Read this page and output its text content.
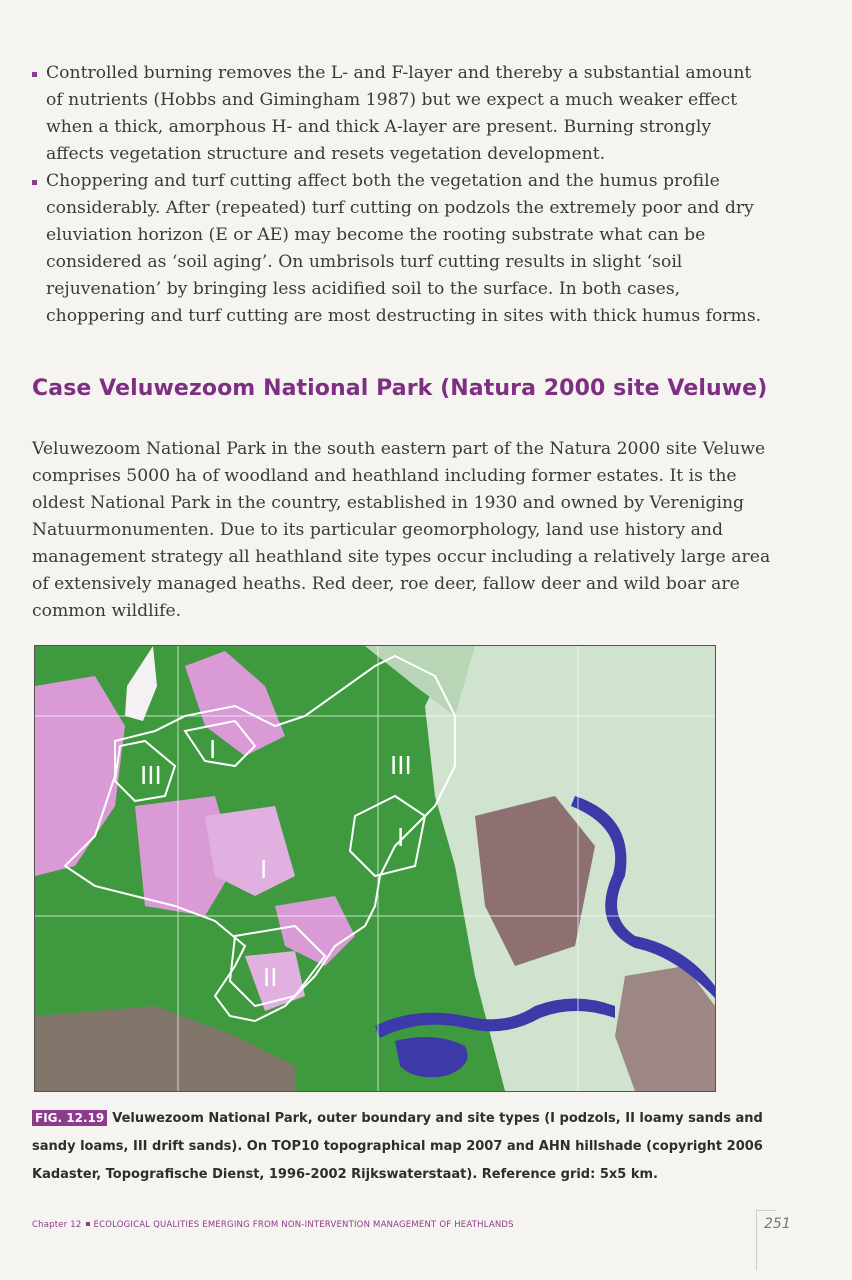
Controlled burning removes the L- and F-layer and thereby a substantial amount of nutrients (Hobbs and Gimingham 1987) but we expect a much weaker effect when a thick, amorphous H- and thick A-layer are present. Burning strongly affects vegetation structure and resets vegetation development.
Choppering and turf cutting affect both the vegetation and the humus profile considerably. After (repeated) turf cutting on podzols the extremely poor and dry eluviation horizon (E or AE) may become the rooting substrate what can be considered as ‘soil aging’. On umbrisols turf cutting results in slight ‘soil rejuvenation’ by bringing less acidified soil to the surface. In both cases, choppering and turf cutting are most destructing in sites with thick humus forms.
Case Veluwezoom National Park (Natura 2000 site Veluwe)

Veluwezoom National Park in the south eastern part of the Natura 2000 site Veluwe comprises 5000 ha of woodland and heathland including former estates. It is the oldest National Park in the country, established in 1930 and owned by Vereniging Natuurmonumenten. Due to its particular geomorphology, land use history and management strategy all heathland site types occur including a relatively large area of extensively managed heaths. Red deer, roe deer, fallow deer and wild boar are common wildlife.

III
I
III
I
I
II

FIG. 12.19 Veluwezoom National Park, outer boundary and site types (I podzols, II loamy sands and sandy loams, III drift sands). On TOP10 topographical map 2007 and AHN hillshade (copyright 2006 Kadaster, Topografische Dienst, 1996-2002 Rijkswaterstaat). Reference grid: 5x5 km.

Chapter 12 ECOLOGICAL QUALITIES EMERGING FROM NON-INTERVENTION MANAGEMENT OF HEATHLANDS	251
